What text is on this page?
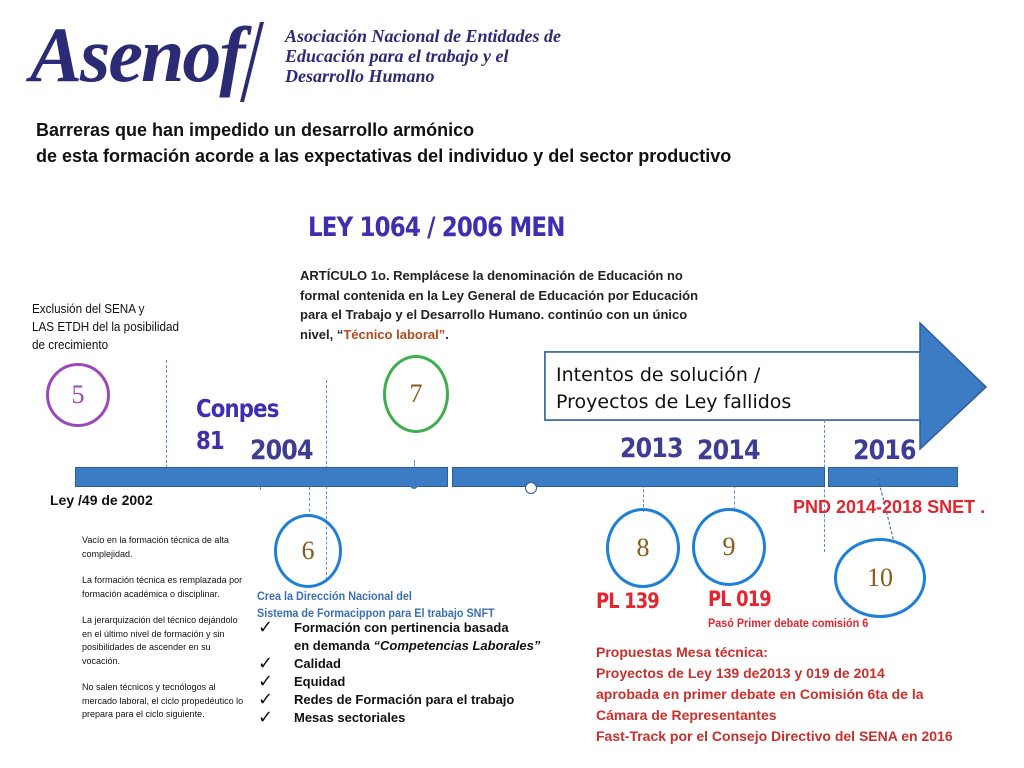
Asenof Asociación Nacional de Entidades de
Educación para el trabajo y el
Desarrollo Humano
Barreras que han impedido un desarrollo armónico
de esta formación acorde a las expectativas del individuo y del sector productivo
LEY 1064 / 2006 MEN
ARTÍCULO 1o. Remplácese la denominación de Educación no formal contenida en la Ley General de Educación por Educación para el Trabajo y el Desarrollo Humano. continúo con un único nivel, “Técnico laboral”.
Exclusión del SENA y
LAS ETDH del la posibilidad
de crecimiento
Intentos de solución /
Proyectos de Ley fallidos
5	7
6	8	9
10
Conpes
81 2004	2013 2014	2016
Ley /49 de 2002

Vacío en la formación técnica de alta complejidad.

La formación técnica es remplazada por formación académica o disciplinar.

La jerarquización del técnico dejándolo en el último nivel de formación y sin posibilidades de ascender en su vocación.

No salen técnicos y tecnólogos al mercado laboral, el ciclo propedéutico lo prepara para el ciclo siguiente.

Crea la Dirección Nacional del
Sistema de Formacippon para El trabajo SNFT
✓	Formación con pertinencia basada
en demanda
“Competencias Laborales”
✓	Calidad
✓	Equidad
✓	Redes de Formación para el trabajo
✓	Mesas sectoriales
PND 2014-2018 SNET .
PL 139 PL 019
Pasó Primer debate comisión 6
Propuestas Mesa técnica:
Proyectos de Ley 139 de2013 y 019 de 2014
aprobada en primer debate en Comisión 6ta de la
Cámara de Representantes
Fast-Track por el Consejo Directivo del SENA en 2016
